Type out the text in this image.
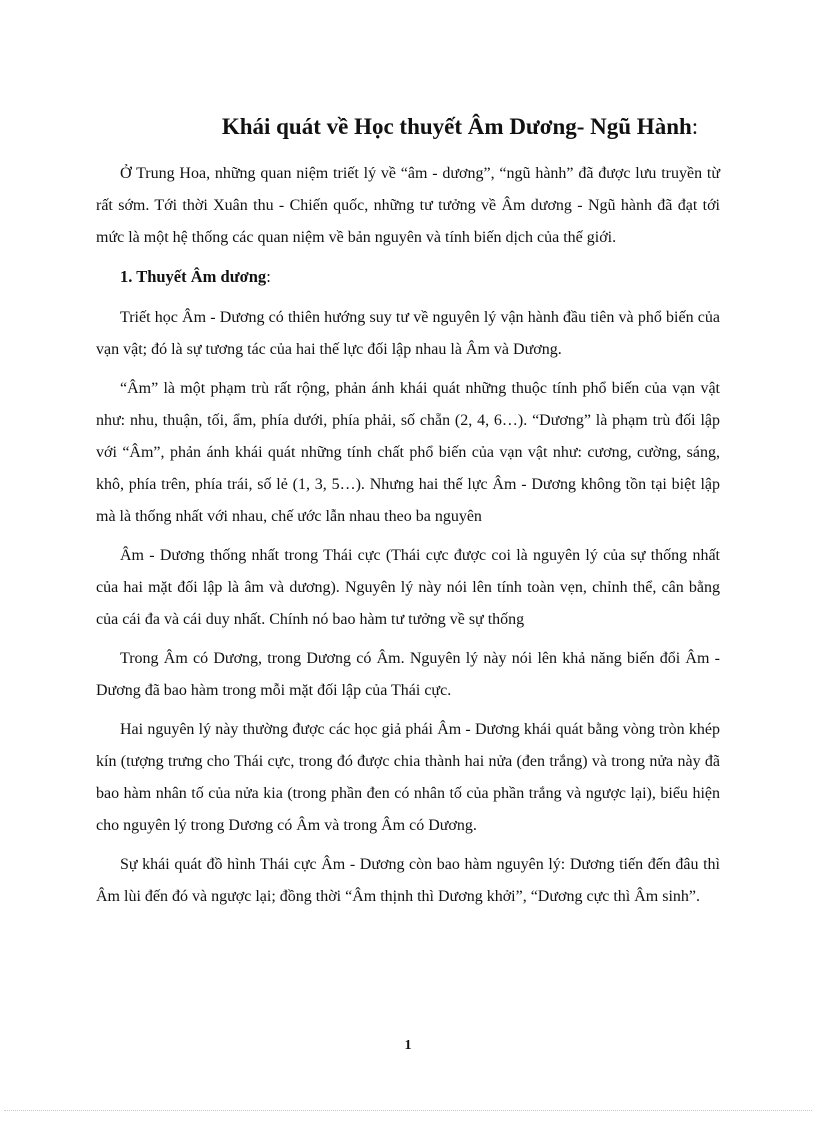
Khái quát về Học thuyết Âm Dương- Ngũ Hành:

Ở Trung Hoa, những quan niệm triết lý về “âm - dương”, “ngũ hành” đã được lưu truyền từ rất sớm. Tới thời Xuân thu - Chiến quốc, những tư tưởng về Âm dương - Ngũ hành đã đạt tới mức là một hệ thống các quan niệm về bản nguyên và tính biến dịch của thế giới.

1. Thuyết Âm dương:

Triết học Âm - Dương có thiên hướng suy tư về nguyên lý vận hành đầu tiên và phổ biến của vạn vật; đó là sự tương tác của hai thế lực đối lập nhau là Âm và Dương.

“Âm” là một phạm trù rất rộng, phản ánh khái quát những thuộc tính phổ biến của vạn vật như: nhu, thuận, tối, ẩm, phía dưới, phía phải, số chẵn (2, 4, 6…). “Dương” là phạm trù đối lập với “Âm”, phản ánh khái quát những tính chất phổ biến của vạn vật như: cương, cường, sáng, khô, phía trên, phía trái, số lẻ (1, 3, 5…). Nhưng hai thế lực Âm - Dương không tồn tại biệt lập mà là thống nhất với nhau, chế ước lẫn nhau theo ba nguyên

Âm - Dương thống nhất trong Thái cực (Thái cực được coi là nguyên lý của sự thống nhất của hai mặt đối lập là âm và dương). Nguyên lý này nói lên tính toàn vẹn, chỉnh thể, cân bằng của cái đa và cái duy nhất. Chính nó bao hàm tư tưởng về sự thống

Trong Âm có Dương, trong Dương có Âm. Nguyên lý này nói lên khả năng biến đổi Âm - Dương đã bao hàm trong mỗi mặt đối lập của Thái cực.

Hai nguyên lý này thường được các học giả phái Âm - Dương khái quát bằng vòng tròn khép kín (tượng trưng cho Thái cực, trong đó được chia thành hai nửa (đen trắng) và trong nửa này đã bao hàm nhân tố của nửa kia (trong phần đen có nhân tố của phần trắng và ngược lại), biểu hiện cho nguyên lý trong Dương có Âm và trong Âm có Dương.

Sự khái quát đồ hình Thái cực Âm - Dương còn bao hàm nguyên lý: Dương tiến đến đâu thì Âm lùi đến đó và ngược lại; đồng thời “Âm thịnh thì Dương khởi”, “Dương cực thì Âm sinh”.

1
